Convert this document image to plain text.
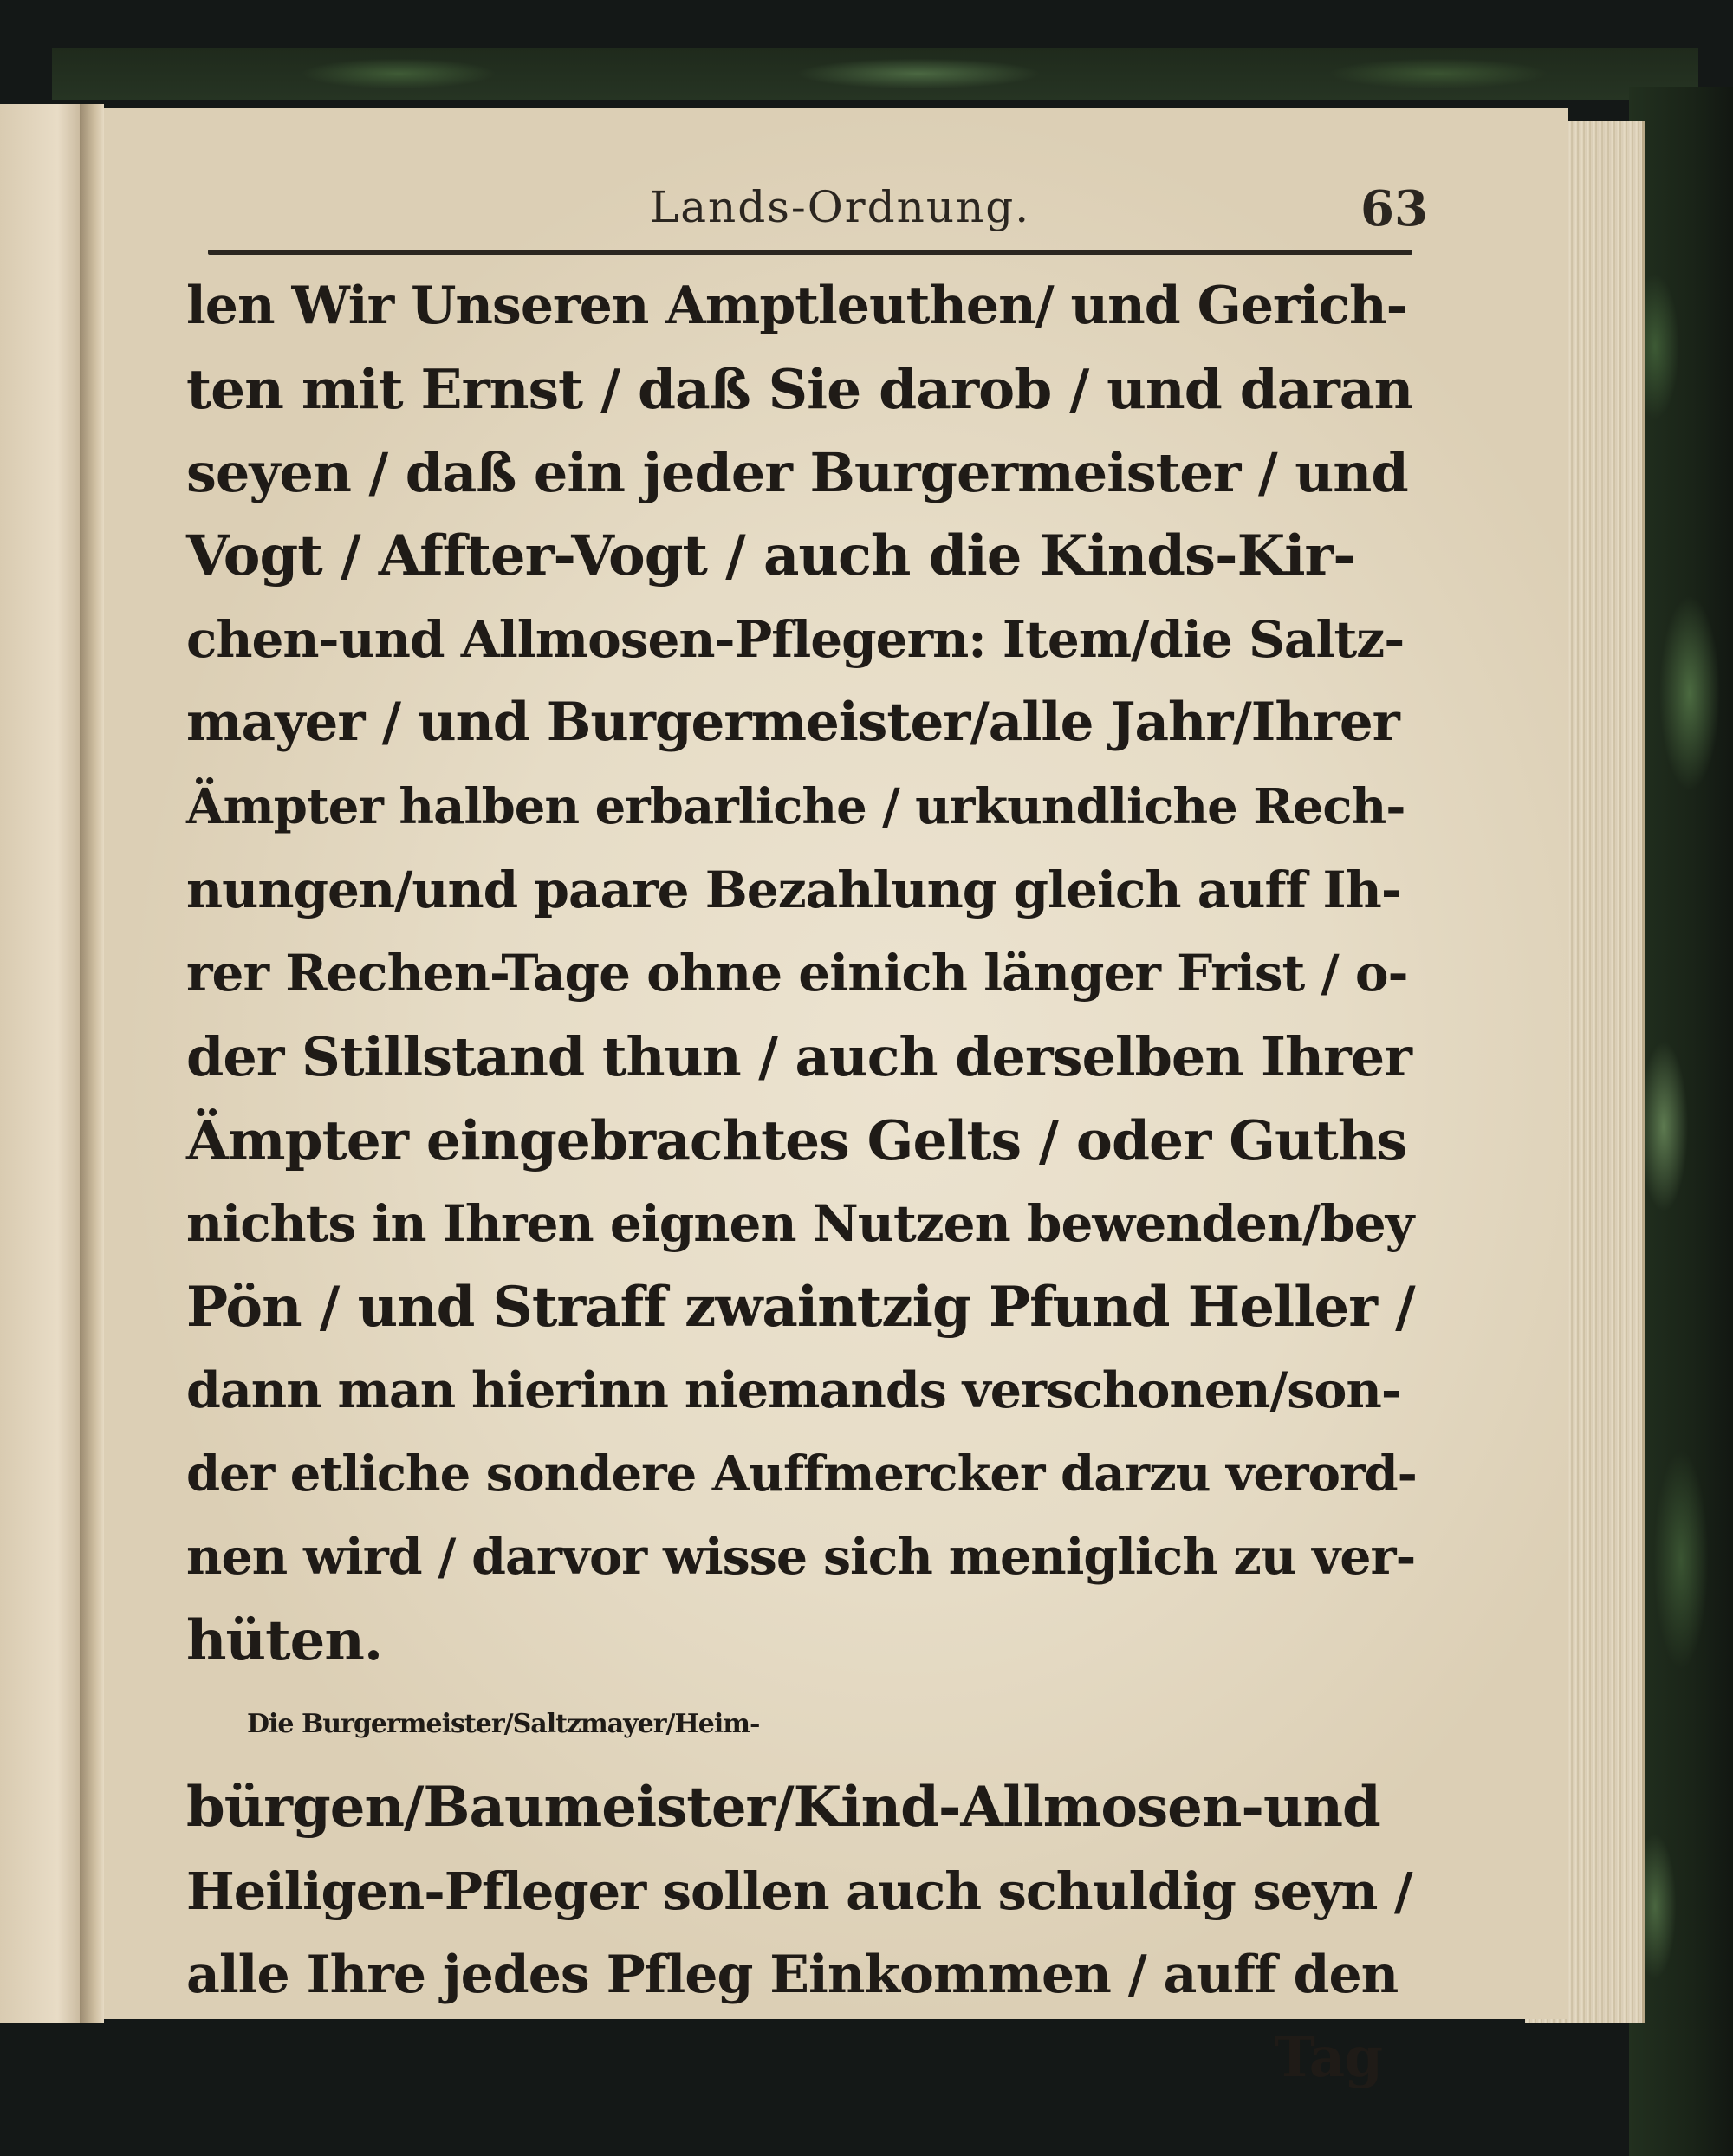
Lands-Ordnung.	63
len Wir Unseren Amptleuthen/ und Gerich-
ten mit Ernst / daß Sie darob / und daran
seyen / daß ein jeder Burgermeister / und
Vogt / Affter-Vogt / auch die Kinds-Kir-
chen-und Allmosen-Pflegern: Item/die Saltz-
mayer / und Burgermeister/alle Jahr/Ihrer
Ämpter halben erbarliche / urkundliche Rech-
nungen/und paare Bezahlung gleich auff Ih-
rer Rechen-Tage ohne einich länger Frist / o-
der Stillstand thun / auch derselben Ihrer
Ämpter eingebrachtes Gelts / oder Guths
nichts in Ihren eignen Nutzen bewenden/bey
Pön / und Straff zwaintzig Pfund Heller /
dann man hierinn niemands verschonen/son-
der etliche sondere Auffmercker darzu verord-
nen wird / darvor wisse sich meniglich zu ver-
hüten.
Die Burgermeister/Saltzmayer/Heim-
bürgen/Baumeister/Kind-Allmosen-und
Heiligen-Pfleger sollen auch schuldig seyn /
alle Ihre jedes Pfleg Einkommen / auff den
Tag
